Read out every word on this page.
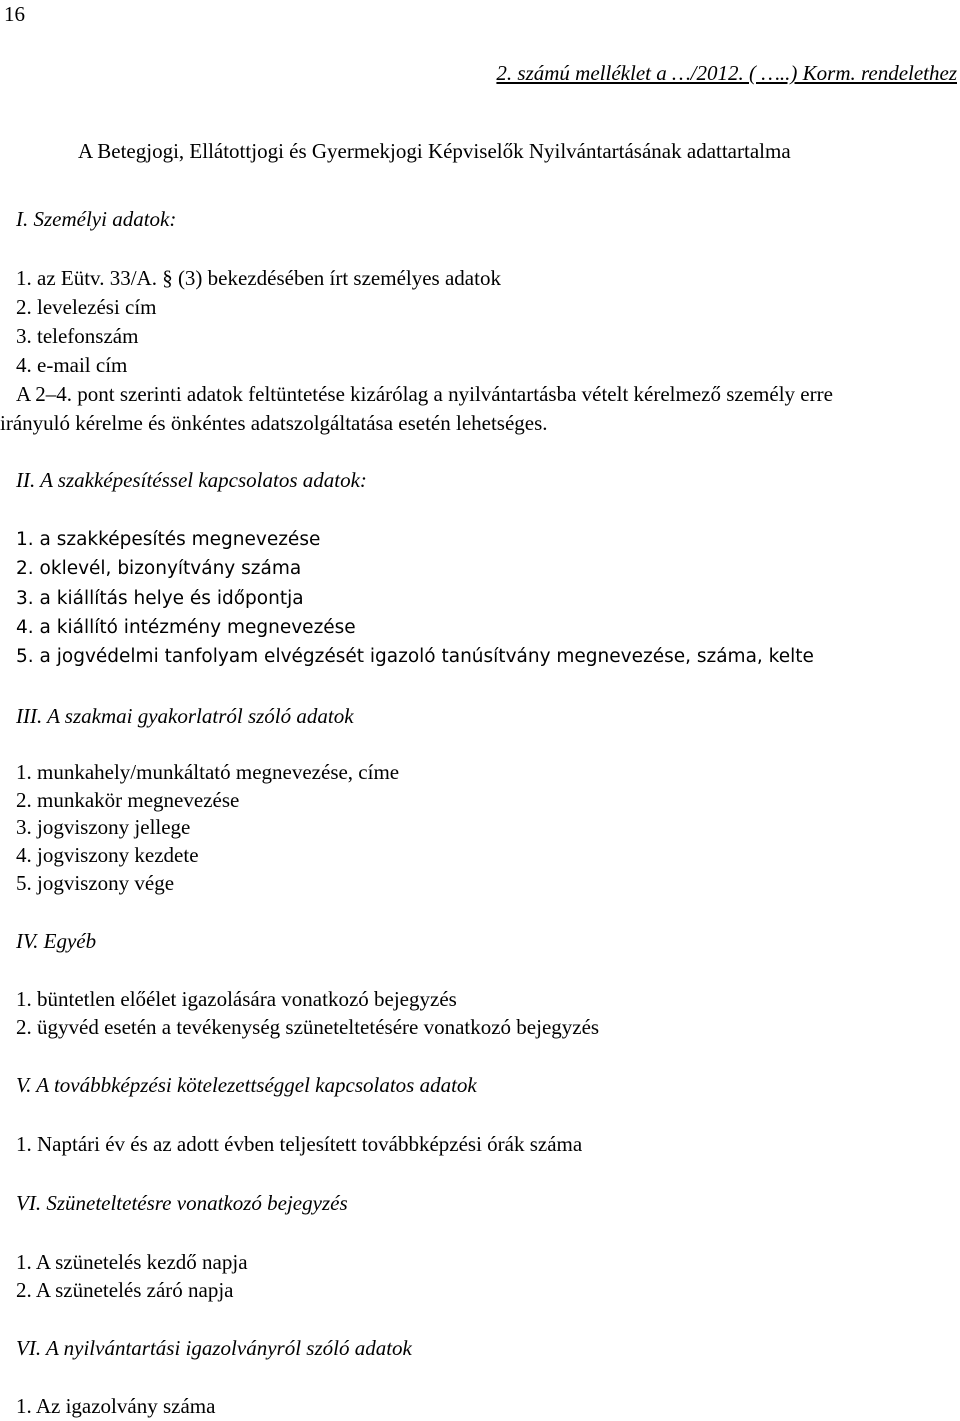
16

2. számú melléklet a …/2012. ( …..) Korm. rendelethez

A Betegjogi, Ellátottjogi és Gyermekjogi Képviselők Nyilvántartásának adattartalma

I. Személyi adatok:

1. az Eütv. 33/A. § (3) bekezdésében írt személyes adatok

2. levelezési cím

3. telefonszám

4. e-mail cím

A 2‒4. pont szerinti adatok feltüntetése kizárólag a nyilvántartásba vételt kérelmező személy erre

irányuló kérelme és önkéntes adatszolgáltatása esetén lehetséges.

II. A szakképesítéssel kapcsolatos adatok:

1. a szakképesítés megnevezése

2. oklevél, bizonyítvány száma

3. a kiállítás helye és időpontja

4. a kiállító intézmény megnevezése

5. a jogvédelmi tanfolyam elvégzését igazoló tanúsítvány megnevezése, száma, kelte

III. A szakmai gyakorlatról szóló adatok

1. munkahely/munkáltató megnevezése, címe

2. munkakör megnevezése

3. jogviszony jellege

4. jogviszony kezdete

5. jogviszony vége

IV. Egyéb

1. büntetlen előélet igazolására vonatkozó bejegyzés

2. ügyvéd esetén a tevékenység szüneteltetésére vonatkozó bejegyzés

V. A továbbképzési kötelezettséggel kapcsolatos adatok

1. Naptári év és az adott évben teljesített továbbképzési órák száma

VI. Szüneteltetésre vonatkozó bejegyzés

1. A szünetelés kezdő napja

2. A szünetelés záró napja

VI. A nyilvántartási igazolványról szóló adatok

1. Az igazolvány száma
